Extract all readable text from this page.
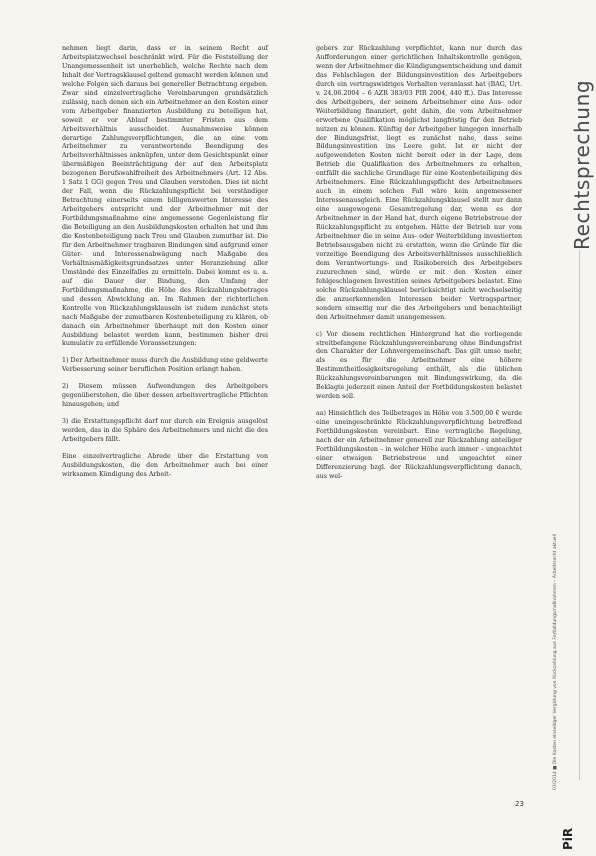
nehmen liegt darin, dass er in seinem Recht auf Arbeitsplatzwechsel beschränkt wird. Für die Feststellung der Unangemessenheit ist unerheblich, welche Rechte nach dem Inhalt der Vertragsklausel geltend gemacht werden können und welche Folgen sich daraus bei genereller Betrachtung ergeben. Zwar sind einzelvertragliche Vereinbarungen grundsätzlich zulässig, nach denen sich ein Arbeitnehmer an den Kosten einer vom Arbeitgeber finanzierten Ausbildung zu beteiligen hat, soweit er vor Ablauf bestimmter Fristen aus dem Arbeitsverhältnis ausscheidet. Ausnahmsweise können derartige Zahlungsverpflichtungen, die an eine vom Arbeitnehmer zu verantwortende Beendigung des Arbeitsverhältnisses anknüpfen, unter dem Gesichtspunkt einer übermäßigen Beeinträchtigung der auf den Arbeitsplatz bezogenen Berufswahlfreiheit des Arbeitnehmers (Art. 12 Abs. 1 Satz 1 GG) gegen Treu und Glauben verstoßen. Dies ist nicht der Fall, wenn die Rückzahlungspflicht bei verständiger Betrachtung einerseits einem billigenswerten Interesse des Arbeitgebers entspricht und der Arbeitnehmer mit der Fortbildungsmaßnahme eine angemessene Gegenleistung für die Beteiligung an den Ausbildungskosten erhalten hat und ihm die Kostenbeteiligung nach Treu und Glauben zumutbar ist. Die für den Arbeitnehmer tragbaren Bindungen sind aufgrund einer Güter- und Interessenabwägung nach Maßgabe des Verhältnismäßigkeitsgrundsatzes unter Heranziehung aller Umstände des Einzelfalles zu ermitteln. Dabei kommt es u. a. auf die Dauer der Bindung, den Umfang der Fortbildungsmaßnahme, die Höhe des Rückzahlungsbetrages und dessen Abwicklung an. Im Rahmen der richterlichen Kontrolle von Rückzahlungsklauseln ist zudem zunächst stets nach Maßgabe der zumutbaren Kostenbeteiligung zu klären, ob danach ein Arbeitnehmer überhaupt mit den Kosten einer Ausbildung belastet werden kann, bestimmen bisher drei kumulativ zu erfüllende Voraussetzungen:

1) Der Arbeitnehmer muss durch die Ausbildung eine geldwerte Verbesserung seiner beruflichen Position erlangt haben.

2) Diesem müssen Aufwendungen des Arbeitgebers gegenüberstehen, die über dessen arbeitsvertragliche Pflichten hinausgehen; und

3) die Erstattungspflicht darf nur durch ein Ereignis ausgelöst werden, das in die Sphäre des Arbeitnehmers und nicht die des Arbeitgebers fällt.

Eine einzelvertragliche Abrede über die Erstattung von Ausbildungskosten, die den Arbeitnehmer auch bei einer wirksamen Kündigung des Arbeit-

gebers zur Rückzahlung verpflichtet, kann nur durch das Aufforderungen einer gerichtlichen Inhaltskontrolle genügen, wenn der Arbeitnehmer die Kündigungsentscheidung und damit das Fehlschlagen der Bildungsinvestition des Arbeitgebers durch ein vertragswidriges Verhalten veranlasst hat (BAG, Urt. v. 24.06.2004 – 6 AZR 383/03 PIR 2004, 440 ff.). Das Interesse des Arbeitgebers, der seinem Arbeitnehmer eine Aus- oder Weiterbildung finanziert, geht dahin, die vom Arbeitnehmer erworbene Qualifikation möglichst langfristig für den Betrieb nutzen zu können. Künftig der Arbeitgeber hingegen innerhalb der Bindungsfrist, liegt es zunächst nahe, dass seine Bildungsinvestition ins Leere geht. Ist er nicht der aufgewendeten Kosten nicht bereit oder in der Lage, dem Betrieb die Qualifikation des Arbeitnehmers zu erhalten, entfällt die sachliche Grundlage für eine Kostenbeteiligung des Arbeitnehmers. Eine Rückzahlungspflicht des Arbeitnehmers auch in einem solchen Fall wäre kein angemessener Interessenausgleich. Eine Rückzahlungsklausel stellt nur dann eine ausgewogene Gesamtregelung dar, wenn es der Arbeitnehmer in der Hand hat, durch eigene Betriebstreue der Rückzahlungspflicht zu entgehen. Hätte der Betrieb nur vom Arbeitnehmer die in seine Aus- oder Weiterbildung investierten Betriebsausgaben nicht zu erstatten, wenn die Gründe für die vorzeitige Beendigung des Arbeitsverhältnisses ausschließlich dem Verantwortungs- und Risikobereich des Arbeitgebers zuzurechnen sind, würde er mit den Kosten einer fehlgeschlagenen Investition seines Arbeitgebers belastet. Eine solche Rückzahlungsklausel berücksichtigt nicht wechselseitig die anzuerkennenden Interessen beider Vertragspartner, sondern einseitig nur die des Arbeitgebers und benachteiligt den Arbeitnehmer damit unangemessen.

c) Vor diesem rechtlichen Hintergrund hat die vorliegende streitbefangene Rückzahlungsvereinbarung ohne Bindungsfrist den Charakter der Lohnvergemeinschaft. Das gilt umso mehr, als es für die Arbeitnehmer eine höhere Bestimmtheitlosigkeitsregelung enthält, als die üblichen Rückzahlungsvereinbarungen mit Bindungswirkung, da die Beklagte jederzeit einen Anteil der Fortbildungskosten belastet werden soll.

aa) Hinsichtlich des Teilbetrages in Höhe von 3.500,00 € wurde eine uneingeschränkte Rückzahlungsverpflichtung betreffend Fortbildungskosten vereinbart. Eine vertragliche Regelung, nach der ein Arbeitnehmer generell zur Rückzahlung anteiliger Fortbildungskosten – in welcher Höhe auch immer – ungeachtet einer etwaigen Betriebstreue und ungeachtet einer Differenzierung bzgl. der Rückzahlungsverpflichtung danach, aus wel-

Rechtsprechung
03/2014 ■ Die Kosten einseitiger Vergütung von Rückzahlung aus Fortbildungsmaßnahmen – Arbeitsrecht aktuell
23
PiR
